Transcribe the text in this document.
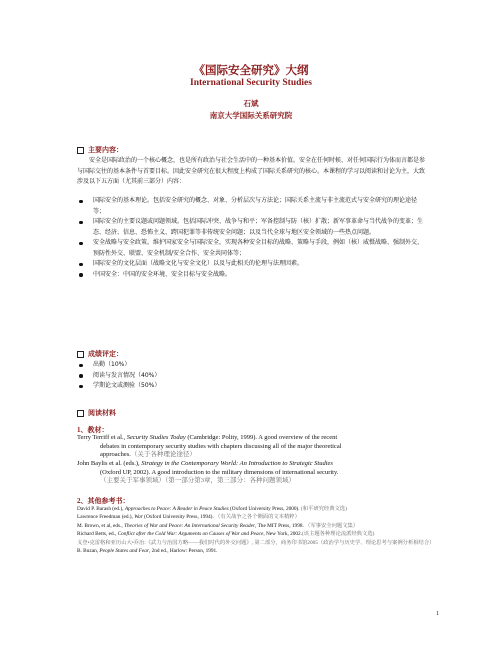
《国际安全研究》大纲
International Security Studies
石斌
南京大学国际关系研究院
主要内容：
安全是国际政治的一个核心概念，也是所有政治与社会生活中的一种基本价值。安全在任何时候、对任何国际行为体而言都是参与国际交往的基本条件与首要目标。因此安全研究在很大程度上构成了国际关系研究的核心。本课程的学习以阅读和讨论为主，大致涉及以下五方面（尤其前三部分）内容：
国际安全的基本理论。包括安全研究的概念、对象、分析层次与方法论；国际关系主流与非主流范式与安全研究的理论途径等；
国际安全的主要议题或问题领域。包括国际冲突、战争与和平；军备控制与防（核）扩散；新军事革命与当代战争的变革；生态、经济、信息、恐怖主义、跨国犯罪等非传统安全问题；以及当代全球与地区安全领域的一些热点问题。
安全战略与安全政策。维护国家安全与国际安全，实现各种安全目标的战略、策略与手段，例如（核）威慑战略、强制外交、预防性外交、联盟、安全机制/安全合作、安全共同体等；
国际安全的文化层面（战略文化与安全文化）以及与此相关的伦理与法理因素。
中国安全：中国的安全环境、安全目标与安全战略。
成绩评定：
出勤（10%）
阅读与发言情况（40%）
学期论文或测验（50%）
阅读材料
1、教材：
Terry Terriff et al., Security Studies Today (Cambridge: Polity, 1999). A good overview of the recent
debates in contemporary security studies with chapters discussing all of the major theoretical
approaches.（关于各种理论途径）
John Baylis et al. (eds.), Strategy in the Contemporary World: An Introduction to Strategic Studies
(Oxford UP, 2002). A good introduction to the military dimensions of international security.
（主要关于军事领域）（第一部分第3章，第三部分：各种问题领域）
2、其他参考书：
David P. Barash (ed.), Approaches to Peace: A Reader in Peace Studies (Oxford University Press, 2000). (和平研究经典文选)
Lawrence Freedman (ed.), War (Oxford University Press, 1994). （有关战争之各个侧面的文本精粹）
M. Brown, et al, eds., Theories of War and Peace: An International Security Reader, The MIT Press, 1998. （军事安全问题文集）
Richard Betts, ed., Conflict after the Cold War: Arguments on Causes of War and Peace, New York, 2002.(该主题各种理论流派经典文选)
戈登•克雷格和亚历山大•乔治:《武力与治国方略——我们时代的外交问题》, 第二部分，商务印书馆2005（政治学与历史学、理论思考与案例分析相结合）
B. Buzan, People States and Fear, 2nd ed., Harlow: Person, 1991.
1
